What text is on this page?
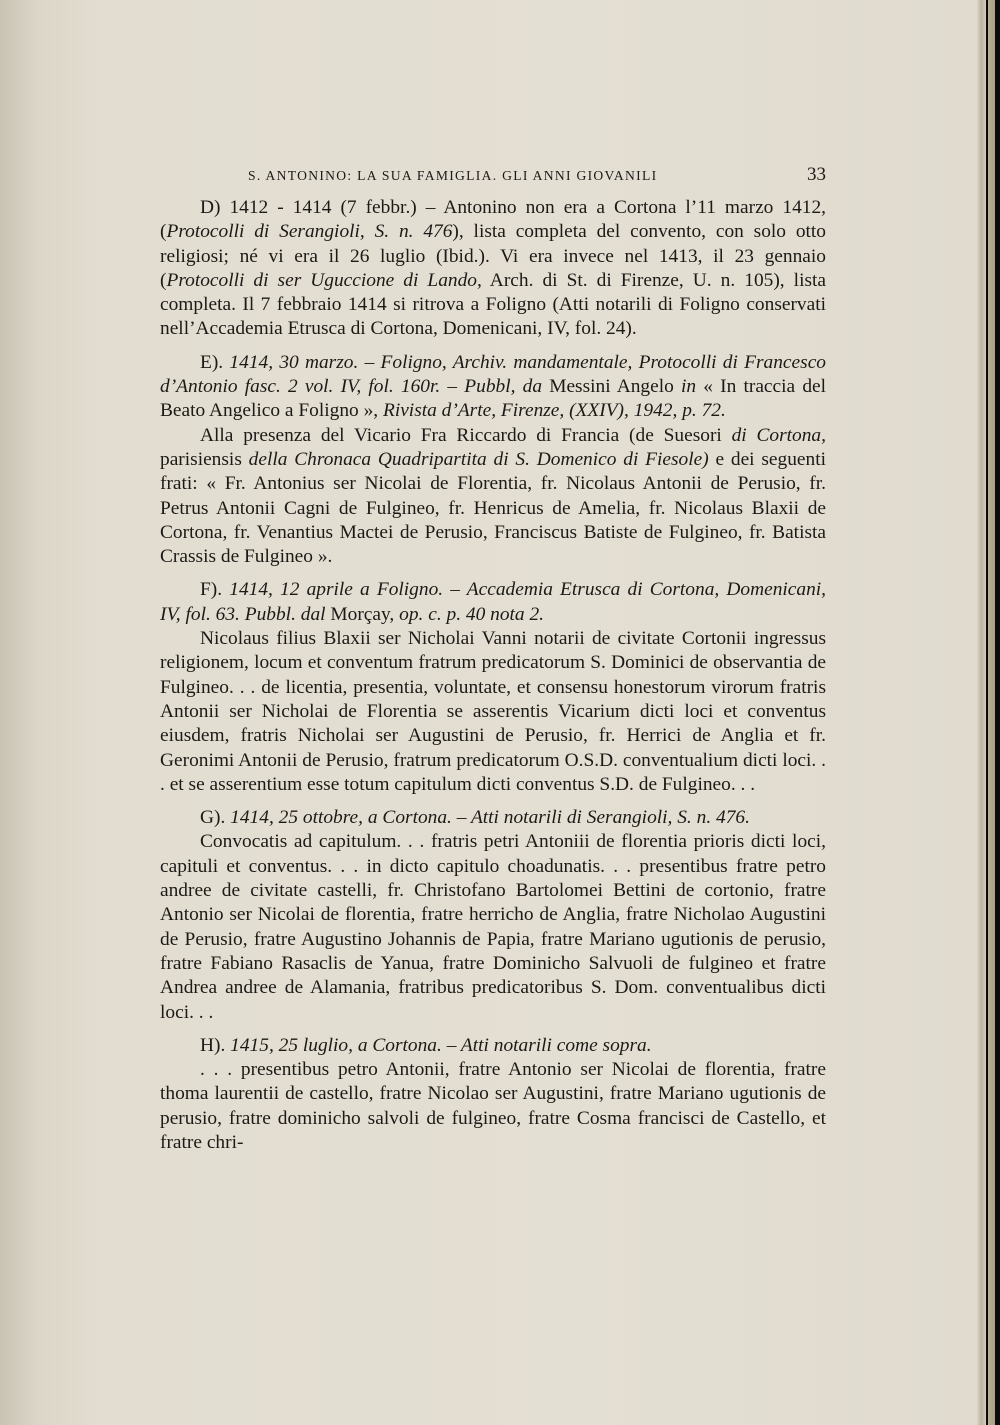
S. ANTONINO: LA SUA FAMIGLIA. GLI ANNI GIOVANILI	33

D) 1412 - 1414 (7 febbr.) – Antonino non era a Cortona l’11 marzo 1412, (Protocolli di Serangioli, S. n. 476), lista completa del convento, con solo otto religiosi; né vi era il 26 luglio (Ibid.). Vi era invece nel 1413, il 23 gennaio (Protocolli di ser Uguccione di Lando, Arch. di St. di Firenze, U. n. 105), lista completa. Il 7 febbraio 1414 si ritrova a Foligno (Atti notarili di Foligno conservati nell’Accademia Etrusca di Cortona, Domenicani, IV, fol. 24).

E). 1414, 30 marzo. – Foligno, Archiv. mandamentale, Protocolli di Francesco d’Antonio fasc. 2 vol. IV, fol. 160r. – Pubbl, da Messini Angelo in « In traccia del Beato Angelico a Foligno », Rivista d’Arte, Firenze, (XXIV), 1942, p. 72.

Alla presenza del Vicario Fra Riccardo di Francia (de Suesori di Cortona, parisiensis della Chronaca Quadripartita di S. Domenico di Fiesole) e dei seguenti frati: « Fr. Antonius ser Nicolai de Florentia, fr. Nicolaus Antonii de Perusio, fr. Petrus Antonii Cagni de Fulgineo, fr. Henricus de Amelia, fr. Nicolaus Blaxii de Cortona, fr. Venantius Mactei de Perusio, Franciscus Batiste de Fulgineo, fr. Batista Crassis de Fulgineo ».

F). 1414, 12 aprile a Foligno. – Accademia Etrusca di Cortona, Domenicani, IV, fol. 63. Pubbl. dal Morçay, op. c. p. 40 nota 2.

Nicolaus filius Blaxii ser Nicholai Vanni notarii de civitate Cortonii ingressus religionem, locum et conventum fratrum predicatorum S. Dominici de observantia de Fulgineo. . . de licentia, presentia, voluntate, et consensu honestorum virorum fratris Antonii ser Nicholai de Florentia se asserentis Vicarium dicti loci et conventus eiusdem, fratris Nicholai ser Augustini de Perusio, fr. Herrici de Anglia et fr. Geronimi Antonii de Perusio, fratrum predicatorum O.S.D. conventualium dicti loci. . . et se asserentium esse totum capitulum dicti conventus S.D. de Fulgineo. . .

G). 1414, 25 ottobre, a Cortona. – Atti notarili di Serangioli, S. n. 476.

Convocatis ad capitulum. . . fratris petri Antoniii de florentia prioris dicti loci, capituli et conventus. . . in dicto capitulo choadunatis. . . presentibus fratre petro andree de civitate castelli, fr. Christofano Bartolomei Bettini de cortonio, fratre Antonio ser Nicolai de florentia, fratre herricho de Anglia, fratre Nicholao Augustini de Perusio, fratre Augustino Johannis de Papia, fratre Mariano ugutionis de perusio, fratre Fabiano Rasaclis de Yanua, fratre Dominicho Salvuoli de fulgineo et fratre Andrea andree de Alamania, fratribus predicatoribus S. Dom. conventualibus dicti loci. . .

H). 1415, 25 luglio, a Cortona. – Atti notarili come sopra.

. . . presentibus petro Antonii, fratre Antonio ser Nicolai de florentia, fratre thoma laurentii de castello, fratre Nicolao ser Augustini, fratre Mariano ugutionis de perusio, fratre dominicho salvoli de fulgineo, fratre Cosma francisci de Castello, et fratre chri-
